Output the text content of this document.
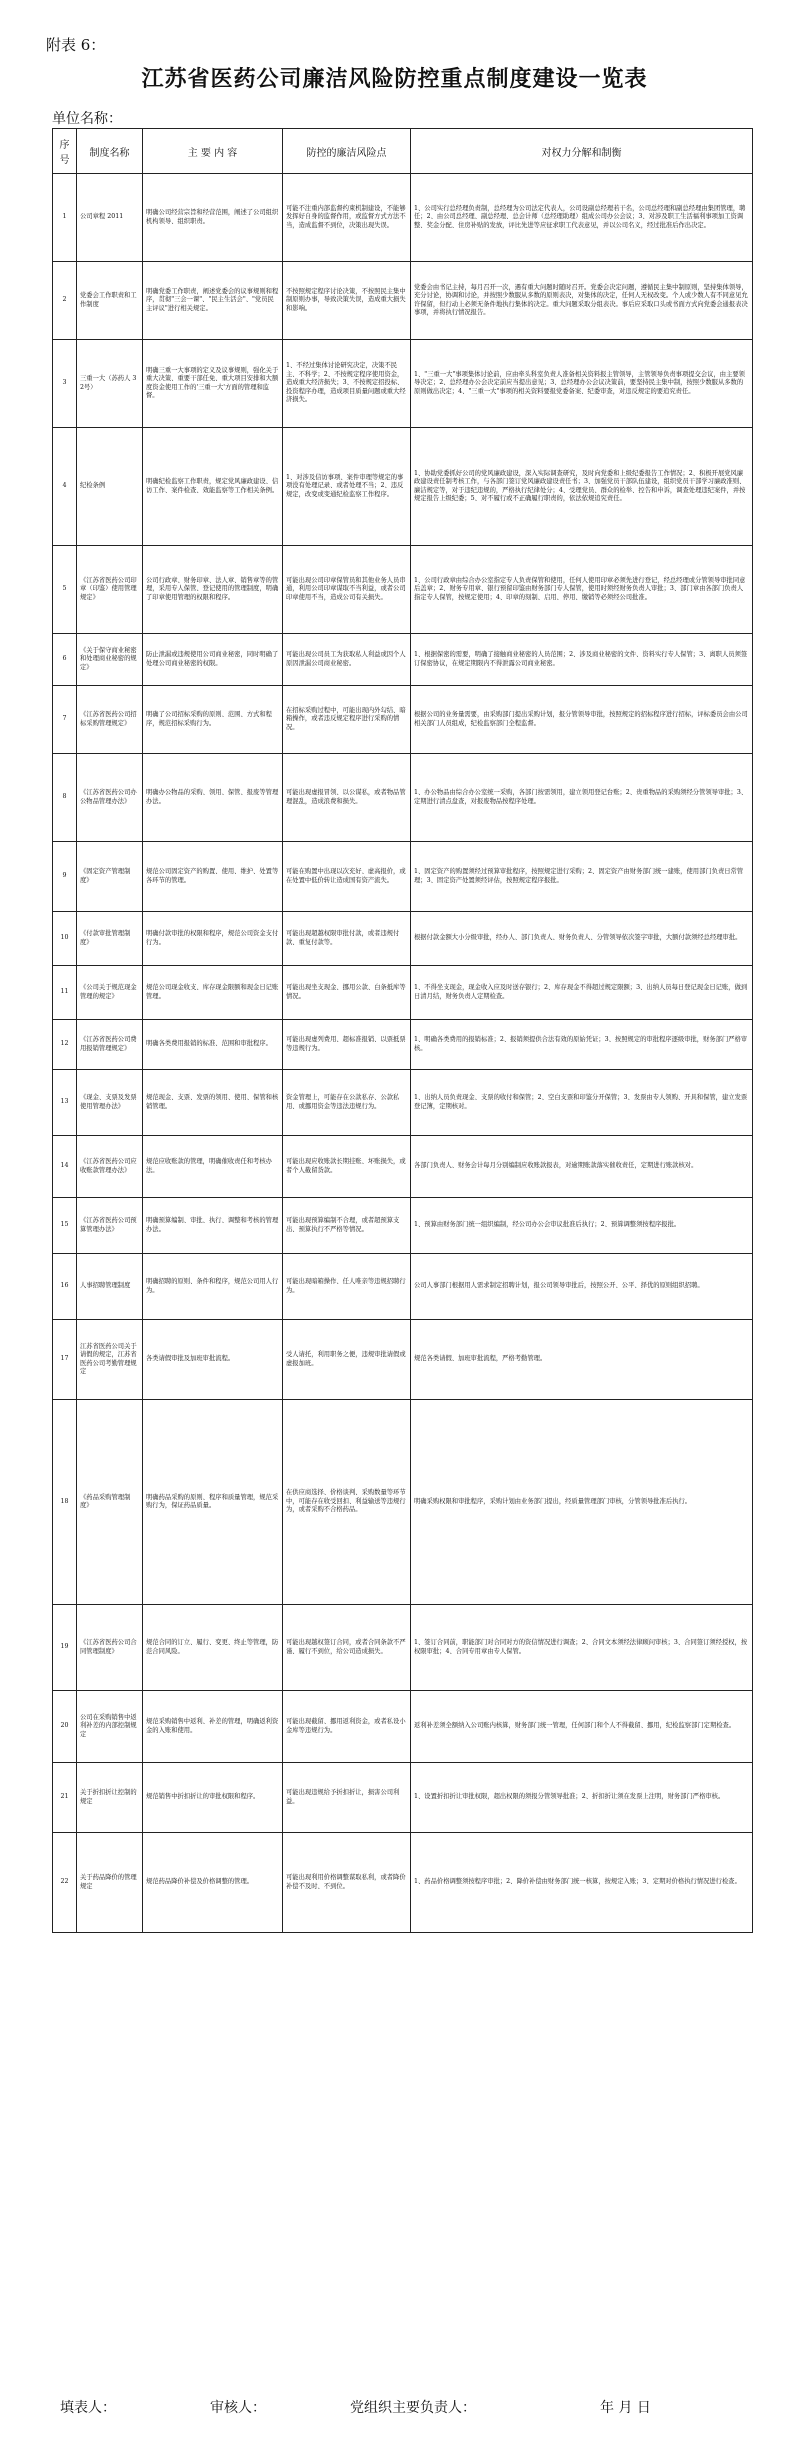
附表 6：
江苏省医药公司廉洁风险防控重点制度建设一览表
单位名称：
序号	制度名称	主 要 内 容	防控的廉洁风险点	对权力分解和制衡
1	公司章程 2011	明确公司经营宗旨和经营范围，阐述了公司组织机构领导、组织职责。	可能不注重内部监督约束机制建设，不能够发挥好自身的监督作用，或监督方式方法不当，造成监督不到位，决策出现失误。	1、公司实行总经理负责制，总经理为公司法定代表人，公司设副总经理若干名，公司总经理和副总经理由集团管理，聘任；2、由公司总经理、副总经理、总会计师（总经理助理）组成公司办公会议；3、对涉及职工生活福利事项加工资调整、奖金分配、住房补贴的发放，评比先进等应征求职工代表意见，并以公司名义，经过批准后作出决定。
2	党委会工作职责和工作制度	明确党委工作职责，阐述党委会的议事规则和程序，贯彻"三会一课"、"民主生活会"、"党员民主评议"进行相关规定。	不按照规定程序讨论决策，不按照民主集中制原则办事，导致决策失误，造成重大损失和影响。	党委会由书记主持，每月召开一次，遇有重大问题时随时召开。党委会决定问题，遵循民主集中制原则，坚持集体领导，充分讨论，协调和讨论，并按照少数服从多数的原则表决，对集体的决定，任何人无权改变。个人或少数人有不同意见允许保留，但行动上必须无条件地执行集体的决定。重大问题采取分组表决。事后应采取口头或书面方式向党委会通报表决事项，并将执行情况报告。
3	三重一大（苏药人 32号）	明确三重一大事项的定义及议事规则，强化关于重大决策、重要干部任免、重大项目安排和大额度资金使用工作的'三重一大'方面的管理和监督。	1、不经过集体讨论研究决定，决策不民主、不科学；2、不按规定程序使用资金，造成重大经济损失；3、不按规定招投标、投资程序办理，造成项目质量问题或重大经济损失。	1、"三重一大"事项集体讨论前，应由牵头科室负责人准备相关资料报主管领导，主管领导负责事项提交会议，由主要领导决定；2、总经理办公会决定前应当提出意见；3、总经理办公会议决策前，要坚持民主集中制，按照少数服从多数的原则做出决定；4、"三重一大"事项的相关资料要报党委备案、纪委审查，对违反规定的要追究责任。
4	纪检条例	明确纪检监察工作职责，规定党风廉政建设、信访工作、案件检查、效能监察等工作相关条例。	1、对涉及信访事项、案件审理等规定的事项没有处理记录、或者处理不当；2、违反规定，改变或变通纪检监察工作程序。	1、协助党委抓好公司的党风廉政建设，深入实际调查研究，及时向党委和上级纪委报告工作情况；2、积极开展党风廉政建设责任制考核工作，与各部门签订党风廉政建设责任书；3、加强党员干部队伍建设，组织党员干部学习廉政准则、廉洁规定等，对于违纪违规的，严格执行纪律处分；4、受理党员、群众的检举、控告和申诉，调查处理违纪案件，并按规定报告上级纪委；5、对不履行或不正确履行职责的，依法依规追究责任。
5	《江苏省医药公司印章（印鉴）使用管理规定》	公司行政章、财务印章、法人章、销售章等的管理，采用专人保管、登记使用的管理制度，明确了印章使用管理的权限和程序。	可能出现公司印章保管员和其他业务人员串通，利用公司印章谋取不当利益，或者公司印章使用不当，造成公司有关损失。	1、公司行政章由综合办公室指定专人负责保管和使用，任何人使用印章必须先进行登记，经总经理或分管领导审批同意后盖章；2、财务专用章、银行预留印鉴由财务部门专人保管，使用时须经财务负责人审批；3、部门章由各部门负责人指定专人保管，按规定使用；4、印章的刻制、启用、停用、缴销等必须经公司批准。
6	《关于保守商业秘密和处理商业秘密的规定》	防止泄漏或违规使用公司商业秘密，同时明确了处理公司商业秘密的权限。	可能出现公司员工为获取私人利益或因个人原因泄漏公司商业秘密。	1、根据保密的需要，明确了接触商业秘密的人员范围；2、涉及商业秘密的文件、资料实行专人保管；3、离职人员须签订保密协议，在规定期限内不得泄露公司商业秘密。
7	《江苏省医药公司招标采购管理规定》	明确了公司招标采购的原则、范围、方式和程序，规范招标采购行为。	在招标采购过程中，可能出现内外勾结、暗箱操作，或者违反规定程序进行采购的情况。	根据公司的业务量需要，由采购部门提出采购计划，报分管领导审批，按照规定的招标程序进行招标，评标委员会由公司相关部门人员组成，纪检监察部门全程监督。
8	《江苏省医药公司办公物品管理办法》	明确办公物品的采购、领用、保管、报废等管理办法。	可能出现虚报冒领、以公谋私，或者物品管理混乱，造成浪费和损失。	1、办公物品由综合办公室统一采购，各部门按需领用，建立领用登记台账；2、贵重物品的采购须经分管领导审批；3、定期进行清点盘查，对报废物品按程序处理。
9	《固定资产管理制度》	规范公司固定资产的购置、使用、维护、处置等各环节的管理。	可能在购置中出现以次充好、虚高报价，或在处置中低价转让造成国有资产流失。	1、固定资产的购置须经过预算审批程序，按照规定进行采购；2、固定资产由财务部门统一建账，使用部门负责日常管理；3、固定资产处置须经评估，按照规定程序报批。
10	《付款审批管理制度》	明确付款审批的权限和程序，规范公司资金支付行为。	可能出现超越权限审批付款，或者违规付款、重复付款等。	根据付款金额大小分级审批，经办人、部门负责人、财务负责人、分管领导依次签字审批，大额付款须经总经理审批。
11	《公司关于规范现金管理的规定》	规范公司现金收支、库存现金限额和现金日记账管理。	可能出现坐支现金、挪用公款、白条抵库等情况。	1、不得坐支现金，现金收入应及时送存银行；2、库存现金不得超过规定限额；3、出纳人员每日登记现金日记账，做到日清月结，财务负责人定期检查。
12	《江苏省医药公司费用报销管理规定》	明确各类费用报销的标准、范围和审批程序。	可能出现虚列费用、超标准报销、以票抵票等违规行为。	1、明确各类费用的报销标准；2、报销须提供合法有效的原始凭证；3、按照规定的审批程序逐级审批，财务部门严格审核。
13	《现金、支票及发票使用管理办法》	规范现金、支票、发票的领用、使用、保管和核销管理。	资金管理上，可能存在公款私存、公款私用、或挪用资金等违法违规行为。	1、出纳人员负责现金、支票的收付和保管；2、空白支票和印鉴分开保管；3、发票由专人领购、开具和保管，建立发票登记簿，定期核对。
14	《江苏省医药公司应收账款管理办法》	规范应收账款的管理，明确催收责任和考核办法。	可能出现应收账款长期挂账、坏账损失，或者个人截留货款。	各部门负责人、财务会计每月分别编制应收账款报表，对逾期账款落实催收责任，定期进行账款核对。
15	《江苏省医药公司预算管理办法》	明确预算编制、审批、执行、调整和考核的管理办法。	可能出现预算编制不合理，或者超预算支出、预算执行不严格等情况。	1、预算由财务部门统一组织编制，经公司办公会审议批准后执行；2、预算调整须按程序报批。
16	人事招聘管理制度	明确招聘的原则、条件和程序，规范公司用人行为。	可能出现暗箱操作、任人唯亲等违规招聘行为。	公司人事部门根据用人需求制定招聘计划，报公司领导审批后，按照公开、公平、择优的原则组织招聘。
17	江苏省医药公司关于请假的规定，江苏省医药公司考勤管理规定	各类请假审批及加班审批流程。	受人请托，利用职务之便，违规审批请假或虚报加班。	规范各类请假、加班审批流程，严格考勤管理。
18	《药品采购管理制度》	明确药品采购的原则、程序和质量管理，规范采购行为，保证药品质量。	在供应商选择、价格谈判、采购数量等环节中，可能存在收受回扣、利益输送等违规行为，或者采购不合格药品。	明确采购权限和审批程序，采购计划由业务部门提出，经质量管理部门审核，分管领导批准后执行。
19	《江苏省医药公司合同管理制度》	规范合同的订立、履行、变更、终止等管理，防范合同风险。	可能出现越权签订合同，或者合同条款不严谨、履行不到位，给公司造成损失。	1、签订合同前，职能部门对合同对方的资信情况进行调查；2、合同文本须经法律顾问审核；3、合同签订须经授权，按权限审批；4、合同专用章由专人保管。
20	公司在采购销售中返利补差的内部控制规定	规范采购销售中返利、补差的管理，明确返利资金的入账和使用。	可能出现截留、挪用返利资金，或者私设小金库等违规行为。	返利补差须全额纳入公司账内核算，财务部门统一管理，任何部门和个人不得截留、挪用，纪检监察部门定期检查。
21	关于折扣折让控制的规定	规范销售中折扣折让的审批权限和程序。	可能出现违规给予折扣折让，损害公司利益。	1、设置折扣折让审批权限，超出权限的须报分管领导批准；2、折扣折让须在发票上注明，财务部门严格审核。
22	关于药品降价的管理规定	规范药品降价补偿及价格调整的管理。	可能出现利用价格调整谋取私利，或者降价补偿不及时、不到位。	1、药品价格调整须按程序审批；2、降价补偿由财务部门统一核算，按规定入账；3、定期对价格执行情况进行检查。
填表人：	审核人：	党组织主要负责人：	年 月 日
